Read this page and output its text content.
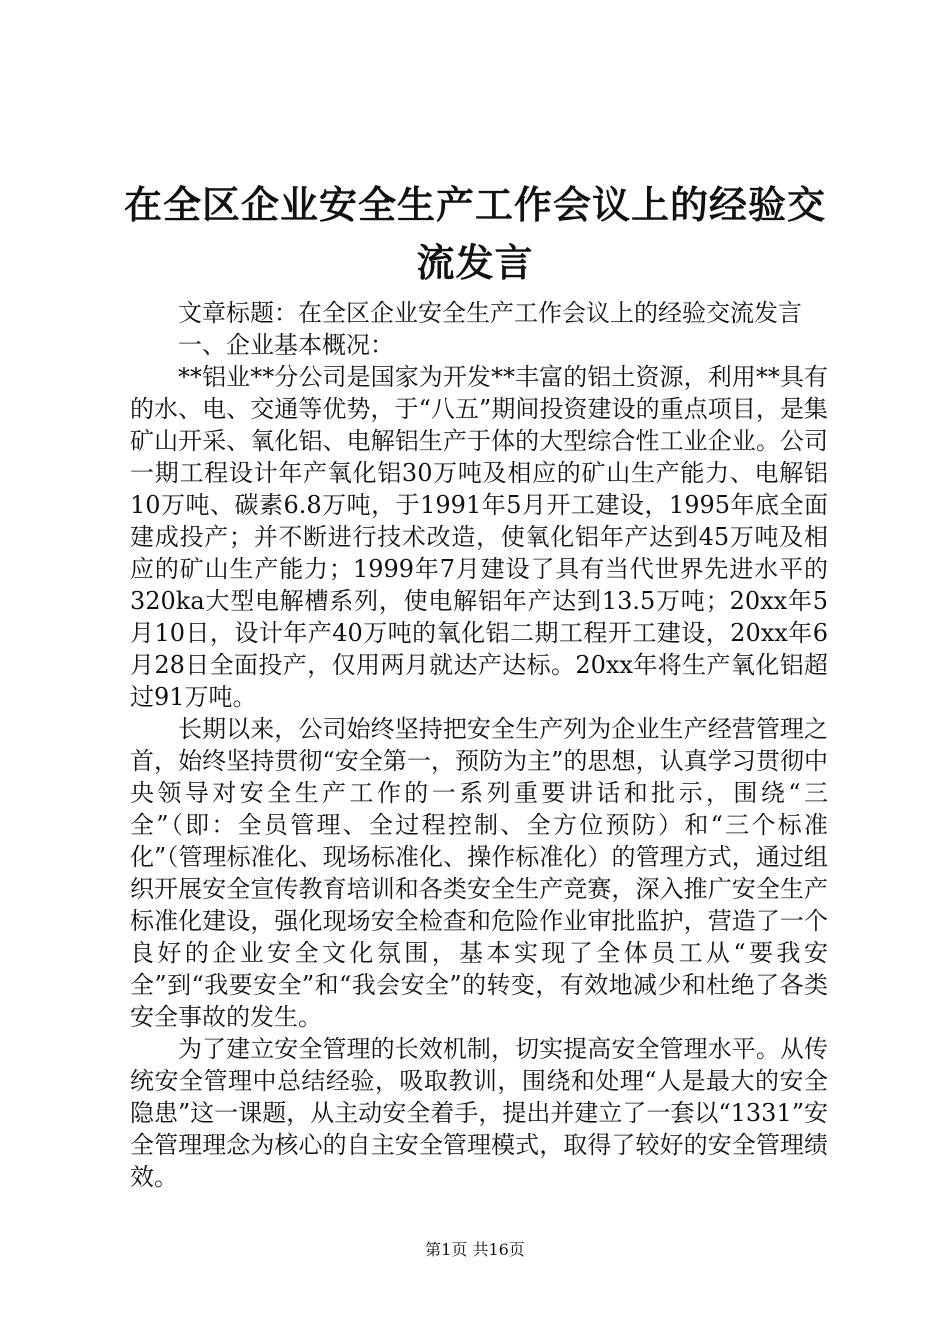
在全区企业安全生产工作会议上的经验交流发言

文章标题：在全区企业安全生产工作会议上的经验交流发言

一、企业基本概况：

**铝业**分公司是国家为开发**丰富的铝土资源，利用**具有的水、电、交通等优势，于“八五”期间投资建设的重点项目，是集矿山开采、氧化铝、电解铝生产于体的大型综合性工业企业。公司一期工程设计年产氧化铝30万吨及相应的矿山生产能力、电解铝10万吨、碳素6.8万吨，于1991年5月开工建设，1995年底全面建成投产；并不断进行技术改造，使氧化铝年产达到45万吨及相应的矿山生产能力；1999年7月建设了具有当代世界先进水平的320ka大型电解槽系列，使电解铝年产达到13.5万吨；20xx年5月10日，设计年产40万吨的氧化铝二期工程开工建设，20xx年6月28日全面投产，仅用两月就达产达标。20xx年将生产氧化铝超过91万吨。

长期以来，公司始终坚持把安全生产列为企业生产经营管理之首，始终坚持贯彻“安全第一，预防为主”的思想，认真学习贯彻中央领导对安全生产工作的一系列重要讲话和批示，围绕“三全”（即：全员管理、全过程控制、全方位预防）和“三个标准化”（管理标准化、现场标准化、操作标准化）的管理方式，通过组织开展安全宣传教育培训和各类安全生产竞赛，深入推广安全生产标准化建设，强化现场安全检查和危险作业审批监护，营造了一个良好的企业安全文化氛围，基本实现了全体员工从“要我安全”到“我要安全”和“我会安全”的转变，有效地减少和杜绝了各类安全事故的发生。

为了建立安全管理的长效机制，切实提高安全管理水平。从传统安全管理中总结经验，吸取教训，围绕和处理“人是最大的安全隐患”这一课题，从主动安全着手，提出并建立了一套以“1331”安全管理理念为核心的自主安全管理模式，取得了较好的安全管理绩效。

第1页 共16页
